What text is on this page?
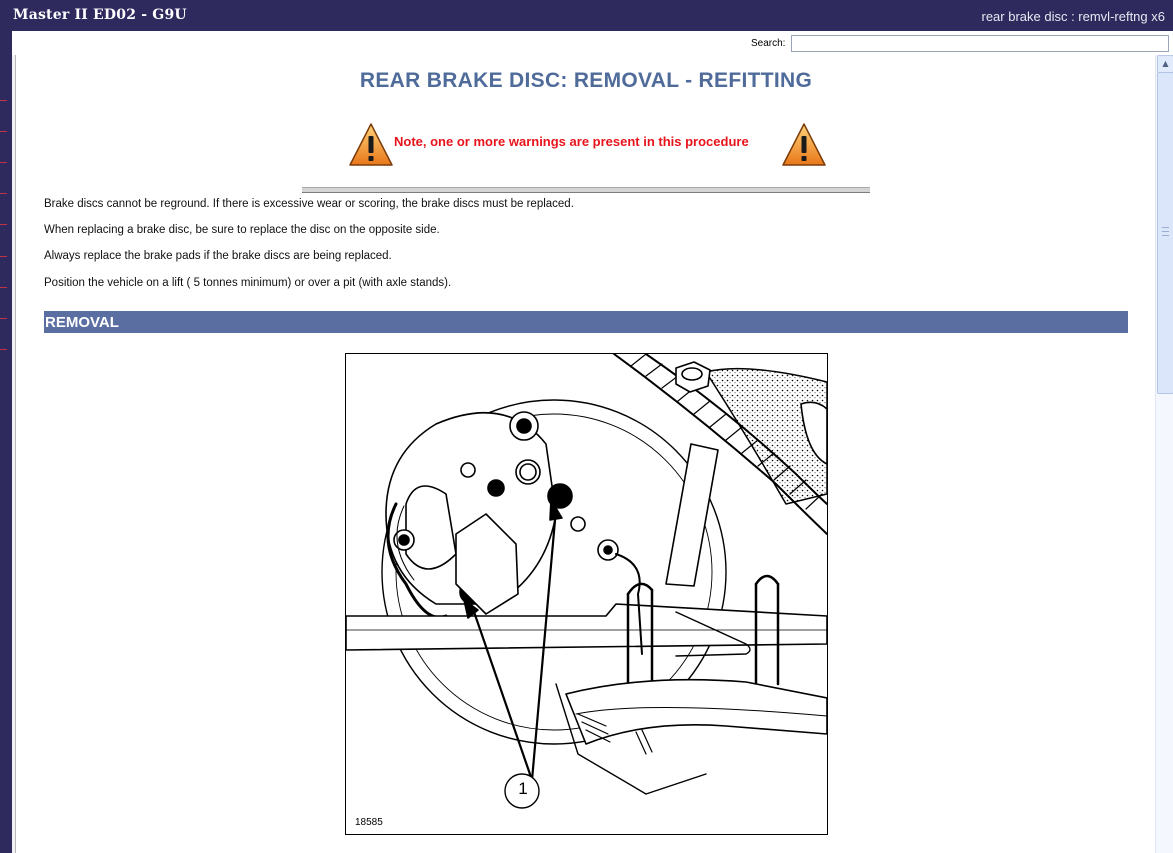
Master II ED02 - G9U	rear brake disc : remvl-reftng x6
Search:
REAR BRAKE DISC: REMOVAL - REFITTING
Note, one or more warnings are present in this procedure
Brake discs cannot be reground. If there is excessive wear or scoring, the brake discs must be replaced.
When replacing a brake disc, be sure to replace the disc on the opposite side.
Always replace the brake pads if the brake discs are being replaced.
Position the vehicle on a lift ( 5 tonnes minimum) or over a pit (with axle stands).
REMOVAL
1
18585
▲
